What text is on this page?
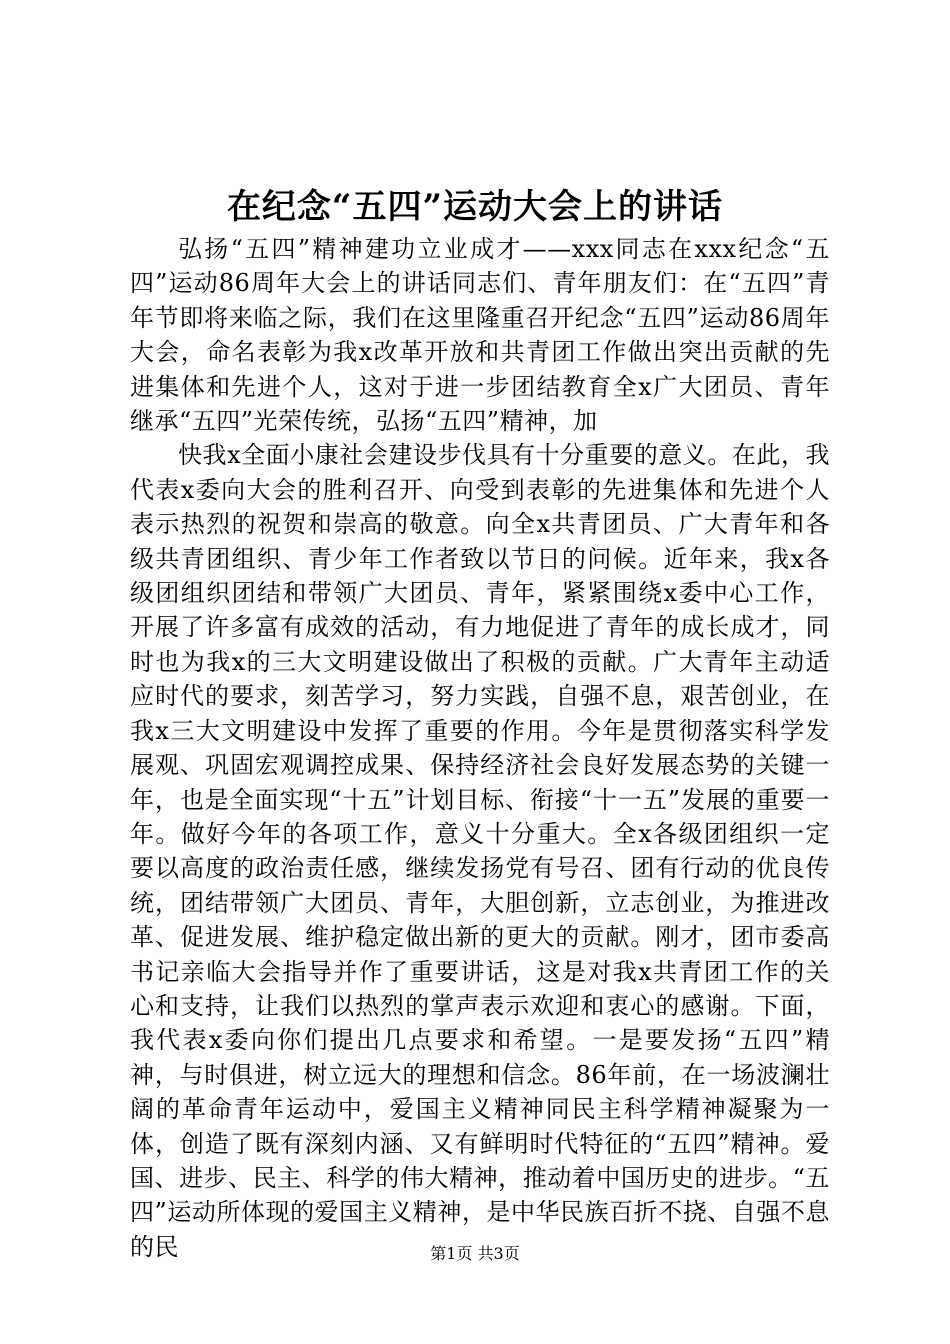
在纪念“五四”运动大会上的讲话

弘扬“五四”精神建功立业成才——xxx同志在xxx纪念“五四”运动86周年大会上的讲话同志们、青年朋友们：在“五四”青年节即将来临之际，我们在这里隆重召开纪念“五四”运动86周年大会，命名表彰为我x改革开放和共青团工作做出突出贡献的先进集体和先进个人，这对于进一步团结教育全x广大团员、青年继承“五四”光荣传统，弘扬“五四”精神，加

快我x全面小康社会建设步伐具有十分重要的意义。在此，我代表x委向大会的胜利召开、向受到表彰的先进集体和先进个人表示热烈的祝贺和崇高的敬意。向全x共青团员、广大青年和各级共青团组织、青少年工作者致以节日的问候。近年来，我x各级团组织团结和带领广大团员、青年，紧紧围绕x委中心工作，开展了许多富有成效的活动，有力地促进了青年的成长成才，同时也为我x的三大文明建设做出了积极的贡献。广大青年主动适应时代的要求，刻苦学习，努力实践，自强不息，艰苦创业，在我x三大文明建设中发挥了重要的作用。今年是贯彻落实科学发展观、巩固宏观调控成果、保持经济社会良好发展态势的关键一年，也是全面实现“十五”计划目标、衔接“十一五”发展的重要一年。做好今年的各项工作，意义十分重大。全x各级团组织一定要以高度的政治责任感，继续发扬党有号召、团有行动的优良传统，团结带领广大团员、青年，大胆创新，立志创业，为推进改革、促进发展、维护稳定做出新的更大的贡献。刚才，团市委高书记亲临大会指导并作了重要讲话，这是对我x共青团工作的关心和支持，让我们以热烈的掌声表示欢迎和衷心的感谢。下面，我代表x委向你们提出几点要求和希望。一是要发扬“五四”精神，与时俱进，树立远大的理想和信念。86年前，在一场波澜壮阔的革命青年运动中，爱国主义精神同民主科学精神凝聚为一体，创造了既有深刻内涵、又有鲜明时代特征的“五四”精神。爱国、进步、民主、科学的伟大精神，推动着中国历史的进步。“五四”运动所体现的爱国主义精神，是中华民族百折不挠、自强不息的民	第1页 共3页
